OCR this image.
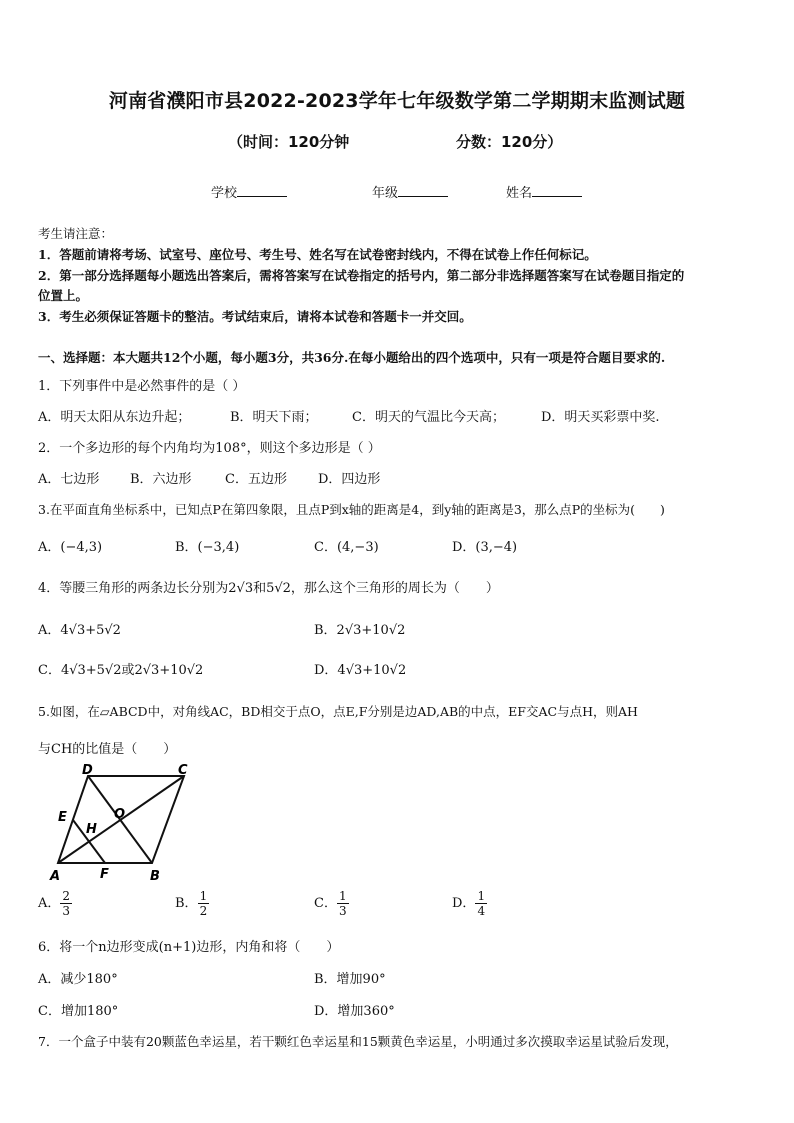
河南省濮阳市县2022-2023学年七年级数学第二学期期末监测试题
（时间：120分钟	分数：120分）
学校	年级	姓名
考生请注意：
1．答题前请将考场、试室号、座位号、考生号、姓名写在试卷密封线内，不得在试卷上作任何标记。
2．第一部分选择题每小题选出答案后，需将答案写在试卷指定的括号内，第二部分非选择题答案写在试卷题目指定的
位置上。
3．考生必须保证答题卡的整洁。考试结束后，请将本试卷和答题卡一并交回。
一、选择题：本大题共12个小题，每小题3分，共36分.在每小题给出的四个选项中，只有一项是符合题目要求的.
1．下列事件中是必然事件的是（ ）
A．明天太阳从东边升起；	B．明天下雨；	C．明天的气温比今天高；	D．明天买彩票中奖.
2．一个多边形的每个内角均为108°，则这个多边形是（ ）
A．七边形 B．六边形	C．五边形 D．四边形
3.在平面直角坐标系中，已知点P在第四象限，且点P到x轴的距离是4，到y轴的距离是3，那么点P的坐标为(　　)
A．(−4,3)	B．(−3,4)	C．(4,−3)	D．(3,−4)
4．等腰三角形的两条边长分别为2√3和5√2，那么这个三角形的周长为（　　）
A．4√3+5√2	B．2√3+10√2
C．4√3+5√2或2√3+10√2	D．4√3+10√2
5.如图，在▱ABCD中，对角线AC，BD相交于点O，点E,F分别是边AD,AB的中点，EF交AC与点H，则AH
与CH的比值是（　　）
D	C
E
H
O
A	F	B
A． $\frac{2}{3}$	B． $\frac{1}{2}$	C． $\frac{1}{3}$	D． $\frac{1}{4}$
6．将一个n边形变成(n+1)边形，内角和将（　　）
A．减少180°	B．增加90°
C．增加180°	D．增加360°
7．一个盒子中装有20颗蓝色幸运星，若干颗红色幸运星和15颗黄色幸运星，小明通过多次摸取幸运星试验后发现，
